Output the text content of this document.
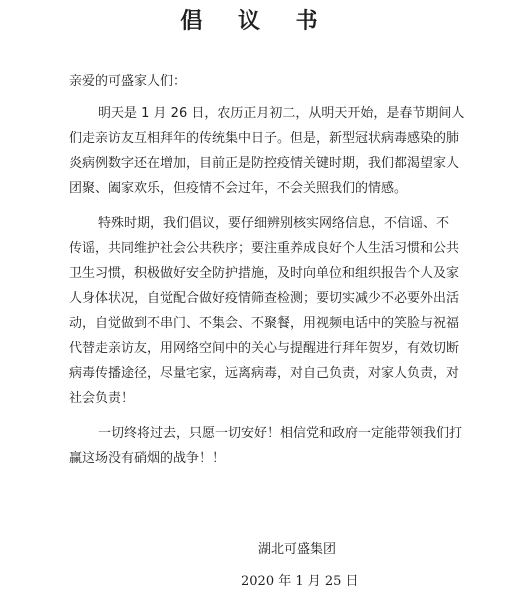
倡 议 书
亲爱的可盛家人们：
明天是 1 月 26 日，农历正月初二，从明天开始，是春节期间人
们走亲访友互相拜年的传统集中日子。但是，新型冠状病毒感染的肺
炎病例数字还在增加，目前正是防控疫情关键时期，我们都渴望家人
团聚、阖家欢乐，但疫情不会过年，不会关照我们的情感。
特殊时期，我们倡议，要仔细辨别核实网络信息，不信谣、不
传谣，共同维护社会公共秩序；要注重养成良好个人生活习惯和公共
卫生习惯，积极做好安全防护措施，及时向单位和组织报告个人及家
人身体状况，自觉配合做好疫情筛查检测；要切实减少不必要外出活
动，自觉做到不串门、不集会、不聚餐，用视频电话中的笑脸与祝福
代替走亲访友，用网络空间中的关心与提醒进行拜年贺岁，有效切断
病毒传播途径，尽量宅家，远离病毒，对自己负责，对家人负责，对
社会负责！
一切终将过去，只愿一切安好！相信党和政府一定能带领我们打
赢这场没有硝烟的战争！！
湖北可盛集团
2020 年 1 月 25 日
